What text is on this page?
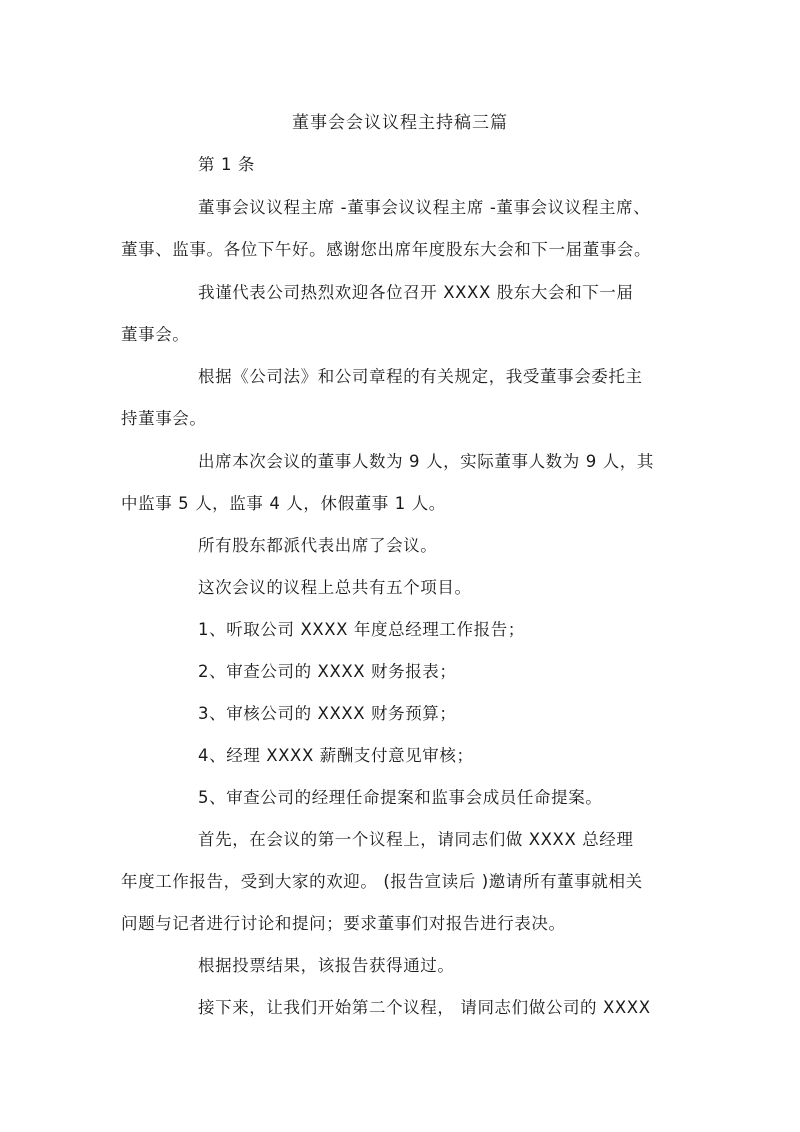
董事会会议议程主持稿三篇
第 1 条
董事会议议程主席 -董事会议议程主席 -董事会议议程主席、
董事、监事。各位下午好。感谢您出席年度股东大会和下一届董事会。
我谨代表公司热烈欢迎各位召开 XXXX 股东大会和下一届
董事会。
根据《公司法》和公司章程的有关规定，我受董事会委托主
持董事会。
出席本次会议的董事人数为 9 人，实际董事人数为 9 人，其
中监事 5 人，监事 4 人，休假董事 1 人。
所有股东都派代表出席了会议。
这次会议的议程上总共有五个项目。
1、听取公司 XXXX 年度总经理工作报告；
2、审查公司的 XXXX 财务报表；
3、审核公司的 XXXX 财务预算；
4、经理 XXXX 薪酬支付意见审核；
5、审查公司的经理任命提案和监事会成员任命提案。
首先，在会议的第一个议程上，请同志们做 XXXX 总经理
年度工作报告，受到大家的欢迎。 (报告宣读后 )邀请所有董事就相关
问题与记者进行讨论和提问；要求董事们对报告进行表决。
根据投票结果，该报告获得通过。
接下来，让我们开始第二个议程， 请同志们做公司的 XXXX
